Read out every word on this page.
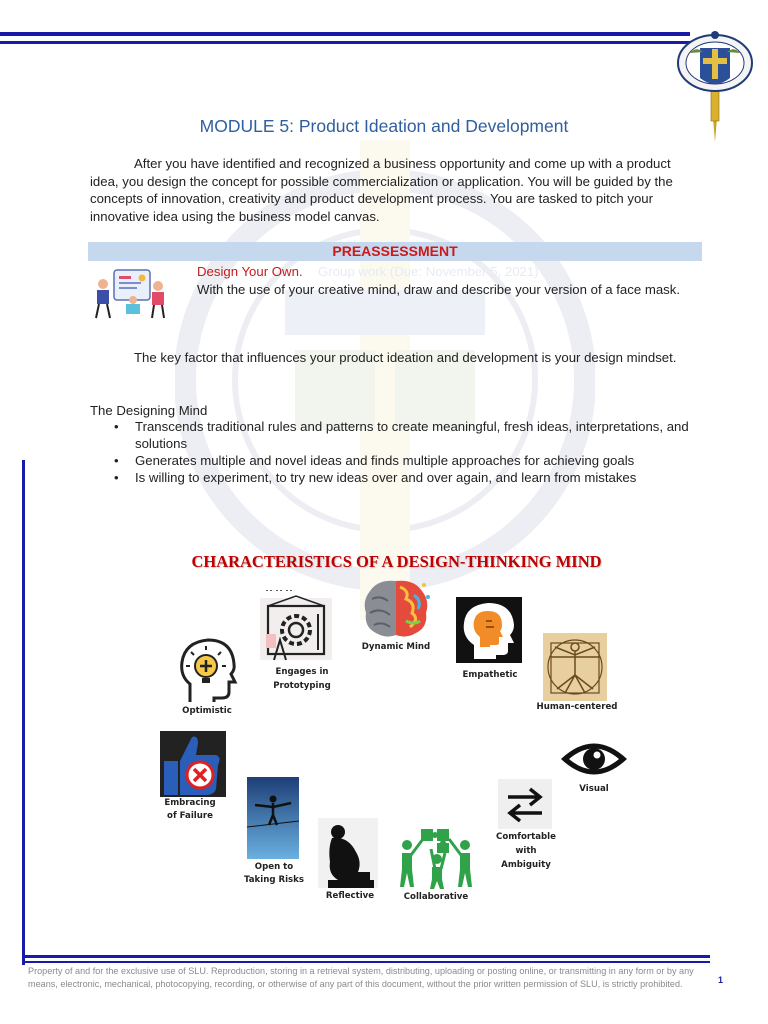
MODULE 5: Product Ideation and Development

After you have identified and recognized a business opportunity and come up with a product idea, you design the concept for possible commercialization or application. You will be guided by the concepts of innovation, creativity and product development process. You are tasked to pitch your innovative idea using the business model canvas.

PREASSESSMENT
Group work (Due: November 5, 2021)
Design Your Own.

With the use of your creative mind, draw and describe your version of a face mask.

The key factor that influences your product ideation and development is your design mindset.

The Designing Mind
• Transcends traditional rules and patterns to create meaningful, fresh ideas, interpretations, and solutions
• Generates multiple and novel ideas and finds multiple approaches for achieving goals
• Is willing to experiment, to try new ideas over and over again, and learn from mistakes
CHARACTERISTICS OF A DESIGN-THINKING MIND
Optimistic
Engages in
Prototyping
Dynamic Mind
Empathetic
Human-centered
Embracing
of Failure
Open to
Taking Risks
Reflective	Collaborative
Comfortable
with
Ambiguity
Visual

Property of and for the exclusive use of SLU. Reproduction, storing in a retrieval system, distributing, uploading or posting online, or transmitting in any form or by any means, electronic, mechanical, photocopying, recording, or otherwise of any part of this document, without the prior written permission of SLU, is strictly prohibited.	1
